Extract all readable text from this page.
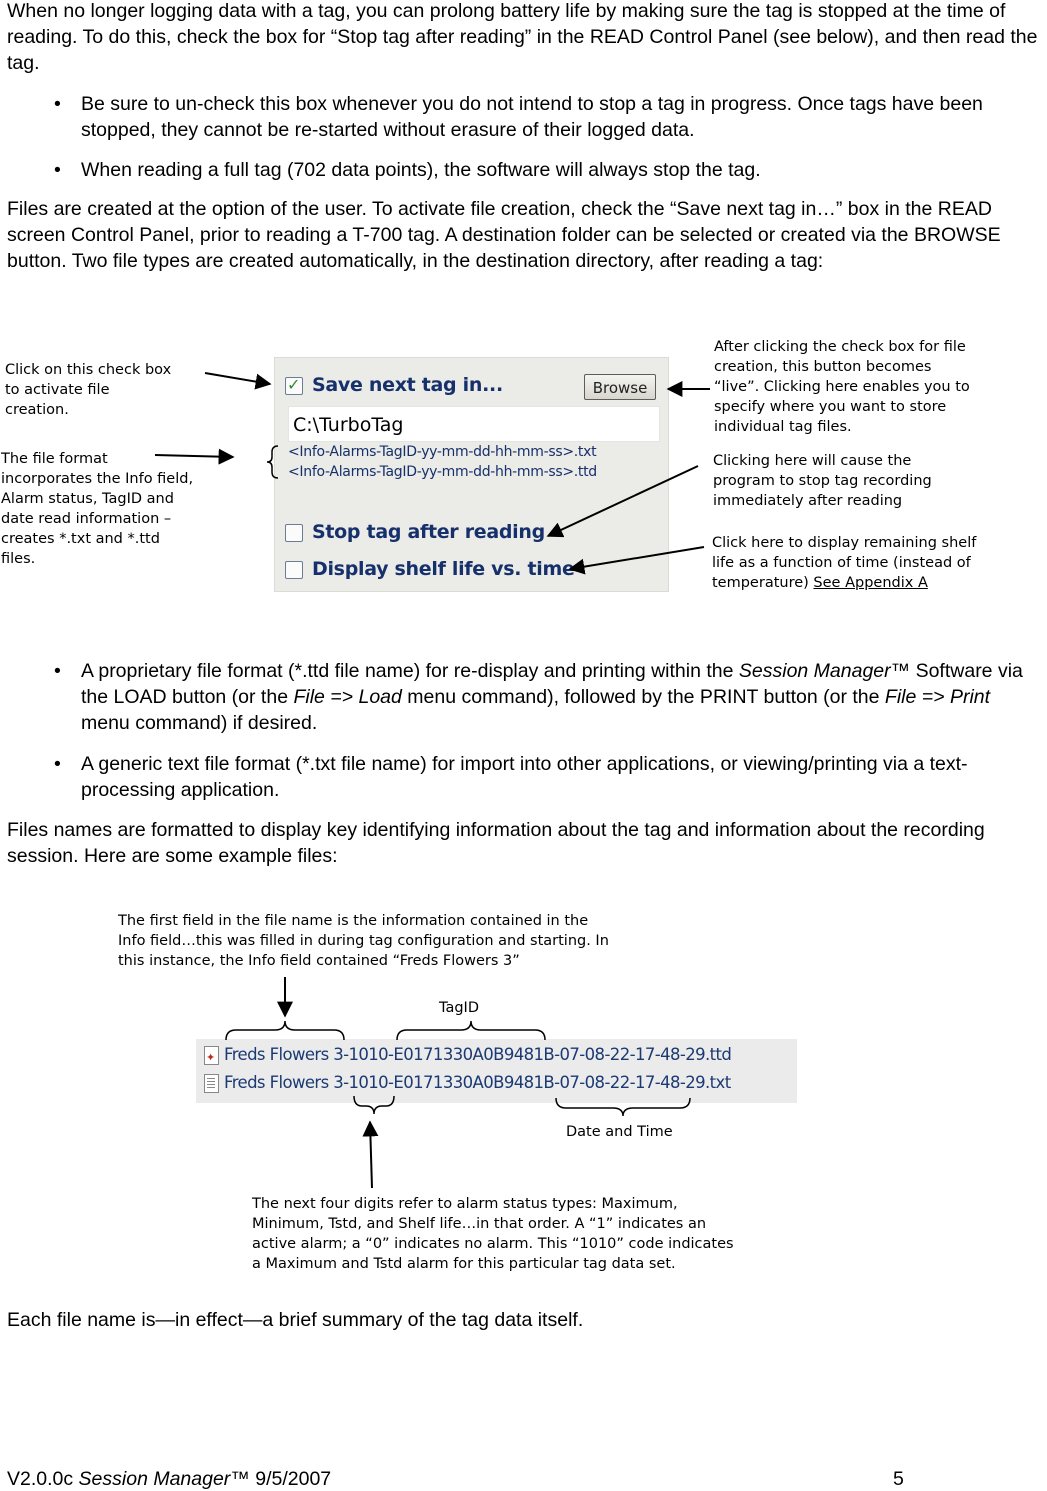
When no longer logging data with a tag, you can prolong battery life by making sure the tag is stopped at the time of reading. To do this, check the box for “Stop tag after reading” in the READ Control Panel (see below), and then read the tag.

• Be sure to un-check this box whenever you do not intend to stop a tag in progress. Once tags have been stopped, they cannot be re-started without erasure of their logged data.

• When reading a full tag (702 data points), the software will always stop the tag.

Files are created at the option of the user. To activate file creation, check the “Save next tag in…” box in the READ screen Control Panel, prior to reading a T-700 tag. A destination folder can be selected or created via the BROWSE button. Two file types are created automatically, in the destination directory, after reading a tag:

✓ Save next tag in...	Browse
C:\TurboTag
<Info-Alarms-TagID-yy-mm-dd-hh-mm-ss>.txt
<Info-Alarms-TagID-yy-mm-dd-hh-mm-ss>.ttd
Stop tag after reading
Display shelf life vs. time
Click on this check box
to activate file
creation.
The file format
incorporates the Info field,
Alarm status, TagID and
date read information –
creates *.txt and *.ttd
files.
After clicking the check box for file
creation, this button becomes
“live”. Clicking here enables you to
specify where you want to store
individual tag files.
Clicking here will cause the
program to stop tag recording
immediately after reading
Click here to display remaining shelf
life as a function of time (instead of
temperature) See Appendix A
• A proprietary file format (*.ttd file name) for re-display and printing within the Session Manager™ Software via the LOAD button (or the File => Load menu command), followed by the PRINT button (or the File => Print menu command) if desired.

• A generic text file format (*.txt file name) for import into other applications, or viewing/printing via a text-processing application.

Files names are formatted to display key identifying information about the tag and information about the recording session. Here are some example files:

The first field in the file name is the information contained in the
Info field…this was filled in during tag configuration and starting. In
this instance, the Info field contained “Freds Flowers 3”
TagID
✦ Freds Flowers 3-1010-E0171330A0B9481B-07-08-22-17-48-29.ttd
Freds Flowers 3-1010-E0171330A0B9481B-07-08-22-17-48-29.txt
Date and Time
The next four digits refer to alarm status types: Maximum,
Minimum, Tstd, and Shelf life…in that order. A “1” indicates an
active alarm; a “0” indicates no alarm. This “1010” code indicates
a Maximum and Tstd alarm for this particular tag data set.

Each file name is—in effect—a brief summary of the tag data itself.

V2.0.0c Session Manager™ 9/5/2007	5
